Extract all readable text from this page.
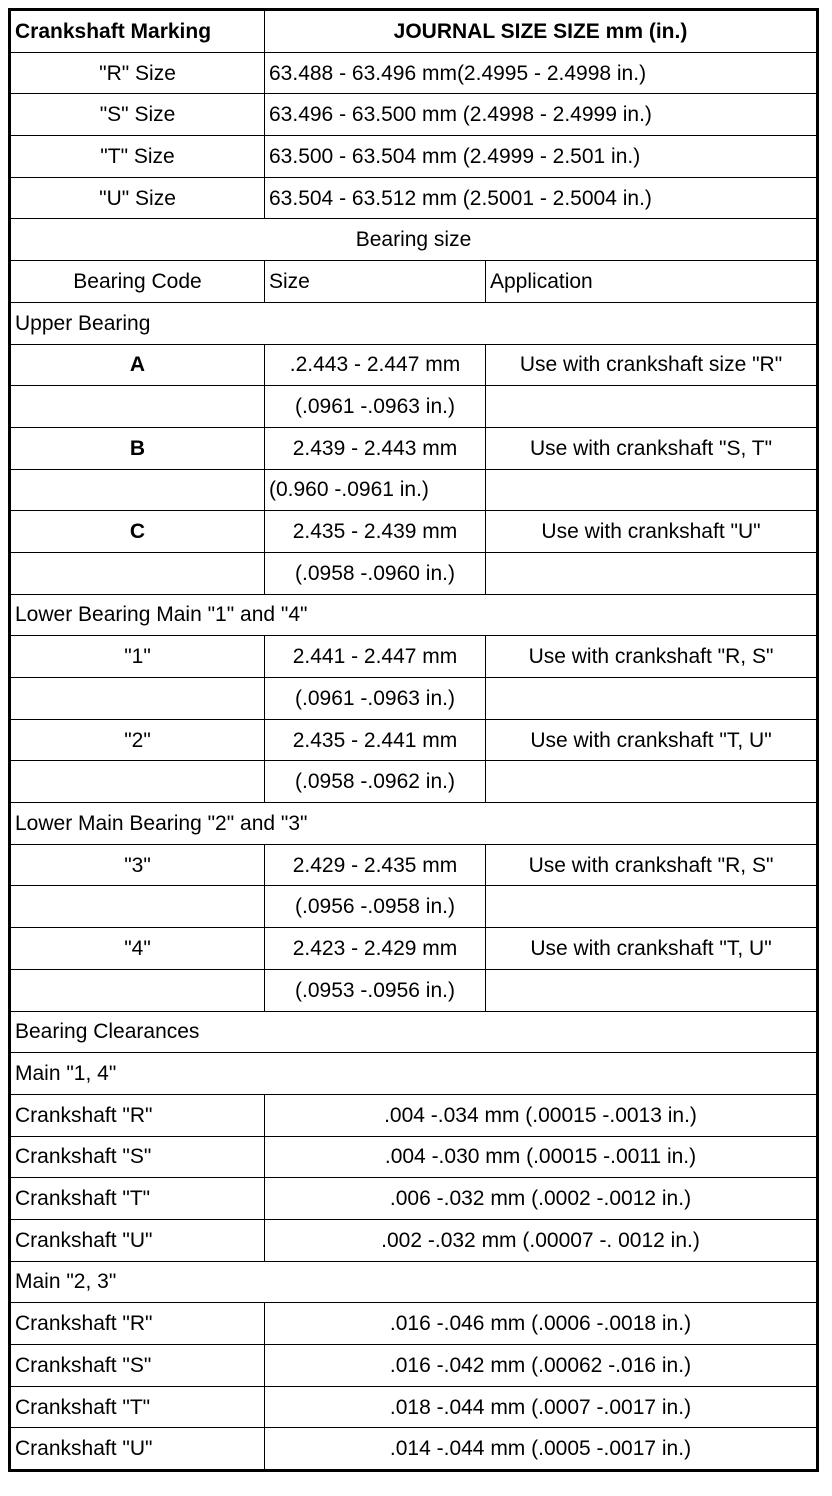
Crankshaft Marking	JOURNAL SIZE SIZE mm (in.)	
"R" Size	63.488 - 63.496 mm(2.4995 - 2.4998 in.)	
"S" Size	63.496 - 63.500 mm (2.4998 - 2.4999 in.)	
"T" Size	63.500 - 63.504 mm (2.4999 - 2.501 in.)	
"U" Size	63.504 - 63.512 mm (2.5001 - 2.5004 in.)	
Bearing size		
Bearing Code	Size	Application
Upper Bearing		
A	.2.443 - 2.447 mm	Use with crankshaft size "R"
	(.0961 -.0963 in.)	
B	2.439 - 2.443 mm	Use with crankshaft "S, T"
	(0.960 -.0961 in.)	
C	2.435 - 2.439 mm	Use with crankshaft "U"
	(.0958 -.0960 in.)	
Lower Bearing Main "1" and "4"		
"1"	2.441 - 2.447 mm	Use with crankshaft "R, S"
	(.0961 -.0963 in.)	
"2"	2.435 - 2.441 mm	Use with crankshaft "T, U"
	(.0958 -.0962 in.)	
Lower Main Bearing "2" and "3"		
"3"	2.429 - 2.435 mm	Use with crankshaft "R, S"
	(.0956 -.0958 in.)	
"4"	2.423 - 2.429 mm	Use with crankshaft "T, U"
	(.0953 -.0956 in.)	
Bearing Clearances		
Main "1, 4"		
Crankshaft "R"	.004 -.034 mm (.00015 -.0013 in.)	
Crankshaft "S"	.004 -.030 mm (.00015 -.0011 in.)	
Crankshaft "T"	.006 -.032 mm (.0002 -.0012 in.)	
Crankshaft "U"	.002 -.032 mm (.00007 -. 0012 in.)	
Main "2, 3"		
Crankshaft "R"	.016 -.046 mm (.0006 -.0018 in.)	
Crankshaft "S"	.016 -.042 mm (.00062 -.016 in.)	
Crankshaft "T"	.018 -.044 mm (.0007 -.0017 in.)	
Crankshaft "U"	.014 -.044 mm (.0005 -.0017 in.)	
